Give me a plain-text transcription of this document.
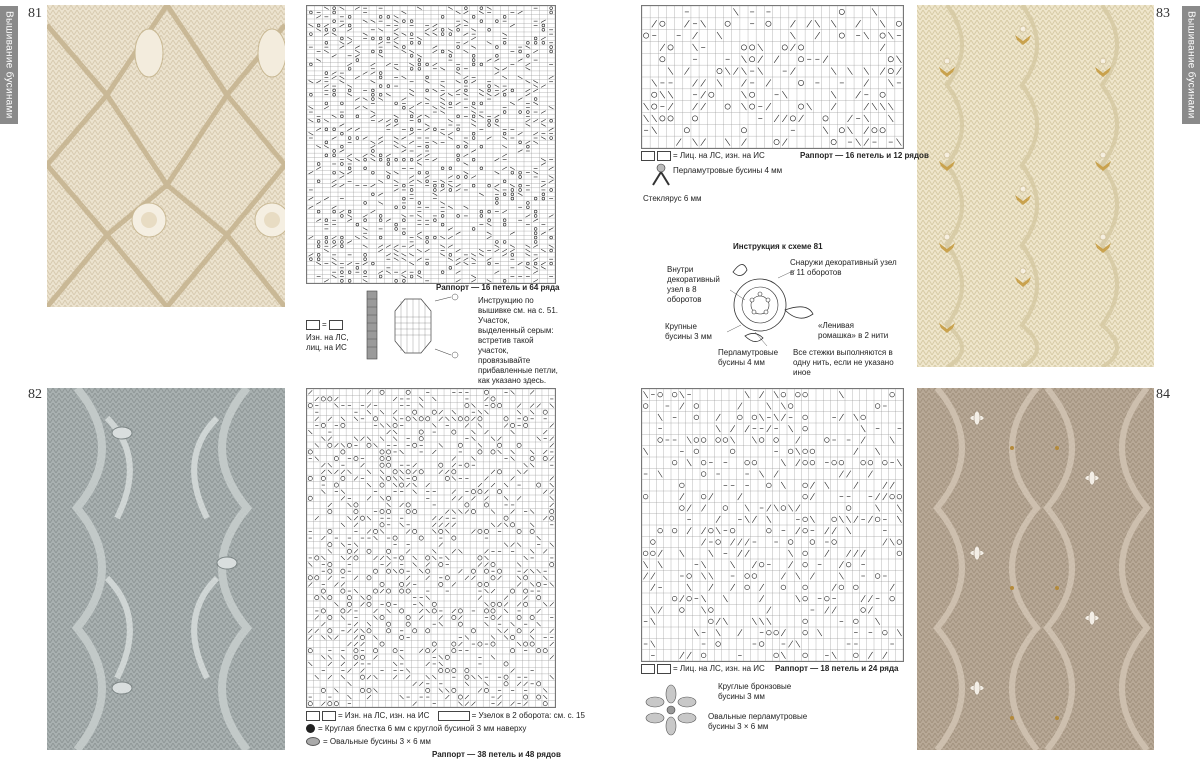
81
82
83
84
Вышивание бусинами	Вышивание бусинами
Раппорт — 16 петель и 64 ряда
=
Изн. на ЛС,
лиц. на ИС
Инструкцию по вышивке см. на с. 51. Участок, выделенный серым: встретив такой участок, провязывайте прибавленные петли, как указано здесь.
= Изн. на ЛС, изн. на ИС	= Узелок в 2 оборота: см. с. 15
= Круглая блестка 6 мм с круглой бусиной 3 мм наверху
= Овальные бусины 3 × 6 мм
Раппорт — 38 петель и 48 рядов
= Лиц. на ЛС, изн. на ИС	Раппорт — 16 петель и 12 рядов
Перламутровые бусины 4 мм
Стеклярус 6 мм
Инструкция к схеме 81
Внутри декоративный узел в 8 оборотов
Снаружи декоративный узел в 11 оборотов
Крупные бусины 3 мм
«Ленивая ромашка» в 2 нити
Перламутровые бусины 4 мм
Все стежки выполняются в одну нить, если не указано иное
= Лиц. на ЛС, изн. на ИС Раппорт — 18 петель и 24 ряда
Круглые бронзовые бусины 3 мм
Овальные перламутровые бусины 3 × 6 мм
